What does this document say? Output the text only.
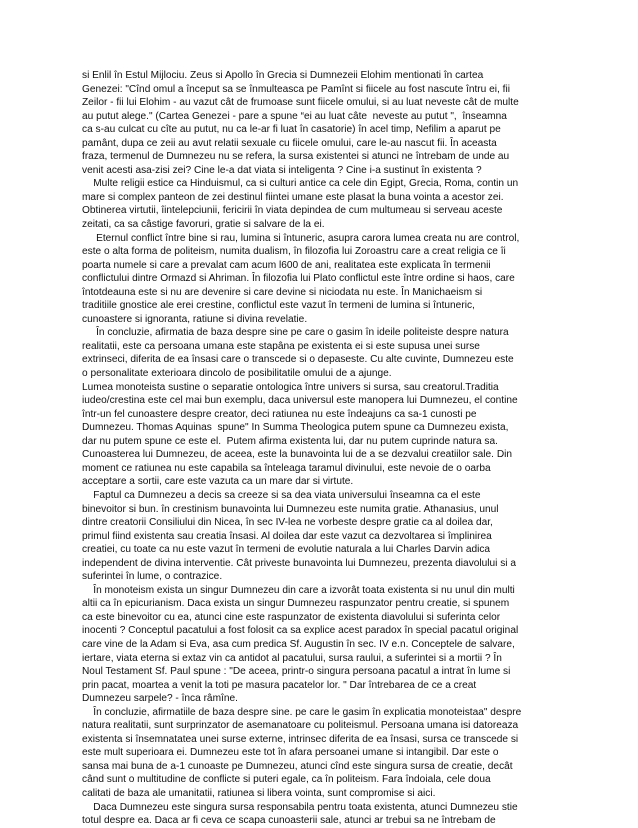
si Enlil în Estul Mijlociu. Zeus si Apollo în Grecia si Dumnezeii Elohim mentionati în cartea
Genezei: "Cînd omul a început sa se înmulteasca pe Pamînt si fiicele au fost nascute întru ei, fii
Zeilor - fii lui Elohim - au vazut cât de frumoase sunt fiicele omului, si au luat neveste cât de multe
au putut alege." (Cartea Genezei - pare a spune “ei au luat câte  neveste au putut ",  înseamna
ca s-au culcat cu cîte au putut, nu ca le-ar fi luat în casatorie) în acel timp, Nefilim a aparut pe
pamânt, dupa ce zeii au avut relatii sexuale cu fiicele omului, care le-au nascut fii. În aceasta
fraza, termenul de Dumnezeu nu se refera, la sursa existentei si atunci ne întrebam de unde au
venit acesti asa-zisi zei? Cine le-a dat viata si inteligenta ? Cine i-a sustinut în existenta ?
Multe religii estice ca Hinduismul, ca si culturi antice ca cele din Egipt, Grecia, Roma, contin un
mare si complex panteon de zei destinul fiintei umane este plasat la buna vointa a acestor zei.
Obtinerea virtutii, îintelepciunii, fericirii în viata depindea de cum multumeau si serveau aceste
zeitati, ca sa câstige favoruri, gratie si salvare de la ei.
Eternul conflict între bine si rau, lumina si întuneric, asupra carora lumea creata nu are control,
este o alta forma de politeism, numita dualism, în filozofia lui Zoroastru care a creat religia ce îi
poarta numele si care a prevalat cam acum l600 de ani, realitatea este explicata în termenii
conflictului dintre Ormazd si Ahriman. În filozofia lui Plato conflictul este între ordine si haos, care
întotdeauna este si nu are devenire si care devine si niciodata nu este. În Manichaeism si
traditiile gnostice ale erei crestine, conflictul este vazut în termeni de lumina si întuneric,
cunoastere si ignoranta, ratiune si divina revelatie.
În concluzie, afirmatia de baza despre sine pe care o gasim în ideile politeiste despre natura
realitatii, este ca persoana umana este stapâna pe existenta ei si este supusa unei surse
extrinseci, diferita de ea însasi care o transcede si o depaseste. Cu alte cuvinte, Dumnezeu este
o personalitate exterioara dincolo de posibilitatile omului de a ajunge.
Lumea monoteista sustine o separatie ontologica între univers si sursa, sau creatorul.Traditia
iudeo/crestina este cel mai bun exemplu, daca universul este manopera lui Dumnezeu, el contine
într-un fel cunoastere despre creator, deci ratiunea nu este îndeajuns ca sa-1 cunosti pe
Dumnezeu. Thomas Aquinas  spune" In Summa Theologica putem spune ca Dumnezeu exista,
dar nu putem spune ce este el.  Putem afirma existenta lui, dar nu putem cuprinde natura sa.
Cunoasterea lui Dumnezeu, de aceea, este la bunavointa lui de a se dezvalui creatiilor sale. Din
moment ce ratiunea nu este capabila sa înteleaga taramul divinului, este nevoie de o oarba
acceptare a sortii, care este vazuta ca un mare dar si virtute.
Faptul ca Dumnezeu a decis sa creeze si sa dea viata universului înseamna ca el este
binevoitor si bun. în crestinism bunavointa lui Dumnezeu este numita gratie. Athanasius, unul
dintre creatorii Consiliului din Nicea, în sec IV-lea ne vorbeste despre gratie ca al doilea dar,
primul fiind existenta sau creatia însasi. Al doilea dar este vazut ca dezvoltarea si împlinirea
creatiei, cu toate ca nu este vazut în termeni de evolutie naturala a lui Charles Darvin adica
independent de divina interventie. Cât priveste bunavointa lui Dumnezeu, prezenta diavolului si a
suferintei în lume, o contrazice.
În monoteism exista un singur Dumnezeu din care a izvorât toata existenta si nu unul din multi
altii ca în epicurianism. Daca exista un singur Dumnezeu raspunzator pentru creatie, si spunem
ca este binevoitor cu ea, atunci cine este raspunzator de existenta diavolului si suferinta celor
inocenti ? Conceptul pacatului a fost folosit ca sa explice acest paradox în special pacatul original
care vine de la Adam si Eva, asa cum predica Sf. Augustin în sec. IV e.n. Conceptele de salvare,
iertare, viata eterna si extaz vin ca antidot al pacatului, sursa raului, a suferintei si a mortii ? În
Noul Testament Sf. Paul spune : "De aceea, printr-o singura persoana pacatul a intrat în lume si
prin pacat, moartea a venit la toti pe masura pacatelor lor. " Dar întrebarea de ce a creat
Dumnezeu sarpele? - înca râmîne.
În concluzie, afirmatiile de baza despre sine. pe care le gasim în explicatia monoteistaa" despre
natura realitatii, sunt surprinzator de asemanatoare cu politeismul. Persoana umana isi datoreaza
existenta si însemnatatea unei surse externe, intrinsec diferita de ea însasi, sursa ce transcede si
este mult superioara ei. Dumnezeu este tot în afara persoanei umane si intangibil. Dar este o
sansa mai buna de a-1 cunoaste pe Dumnezeu, atunci cînd este singura sursa de creatie, decât
când sunt o multitudine de conflicte si puteri egale, ca în politeism. Fara îndoiala, cele doua
calitati de baza ale umanitatii, ratiunea si libera vointa, sunt compromise si aici.
Daca Dumnezeu este singura sursa responsabila pentru toata existenta, atunci Dumnezeu stie
totul despre ea. Daca ar fi ceva ce scapa cunoasterii sale, atunci ar trebui sa ne întrebam de
